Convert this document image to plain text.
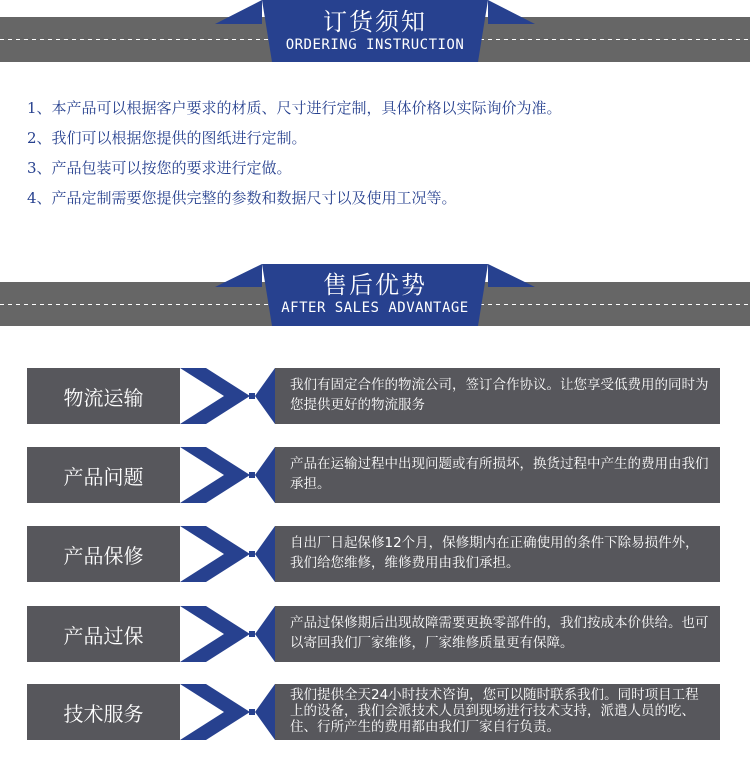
订货须知
ORDERING INSTRUCTION
1、本产品可以根据客户要求的材质、尺寸进行定制，具体价格以实际询价为准。
2、我们可以根据您提供的图纸进行定制。
3、产品包装可以按您的要求进行定做。
4、产品定制需要您提供完整的参数和数据尺寸以及使用工况等。
售后优势
AFTER SALES ADVANTAGE
物流运输
我们有固定合作的物流公司，签订合作协议。让您享受低费用的同时为您提供更好的物流服务
产品问题
产品在运输过程中出现问题或有所损坏，换货过程中产生的费用由我们承担。
产品保修
自出厂日起保修12个月，保修期内在正确使用的条件下除易损件外，我们给您维修，维修费用由我们承担。
产品过保
产品过保修期后出现故障需要更换零部件的，我们按成本价供给。也可以寄回我们厂家维修，厂家维修质量更有保障。
技术服务
我们提供全天24小时技术咨询，您可以随时联系我们。同时项目工程上的设备，我们会派技术人员到现场进行技术支持，派遣人员的吃、住、行所产生的费用都由我们厂家自行负责。
